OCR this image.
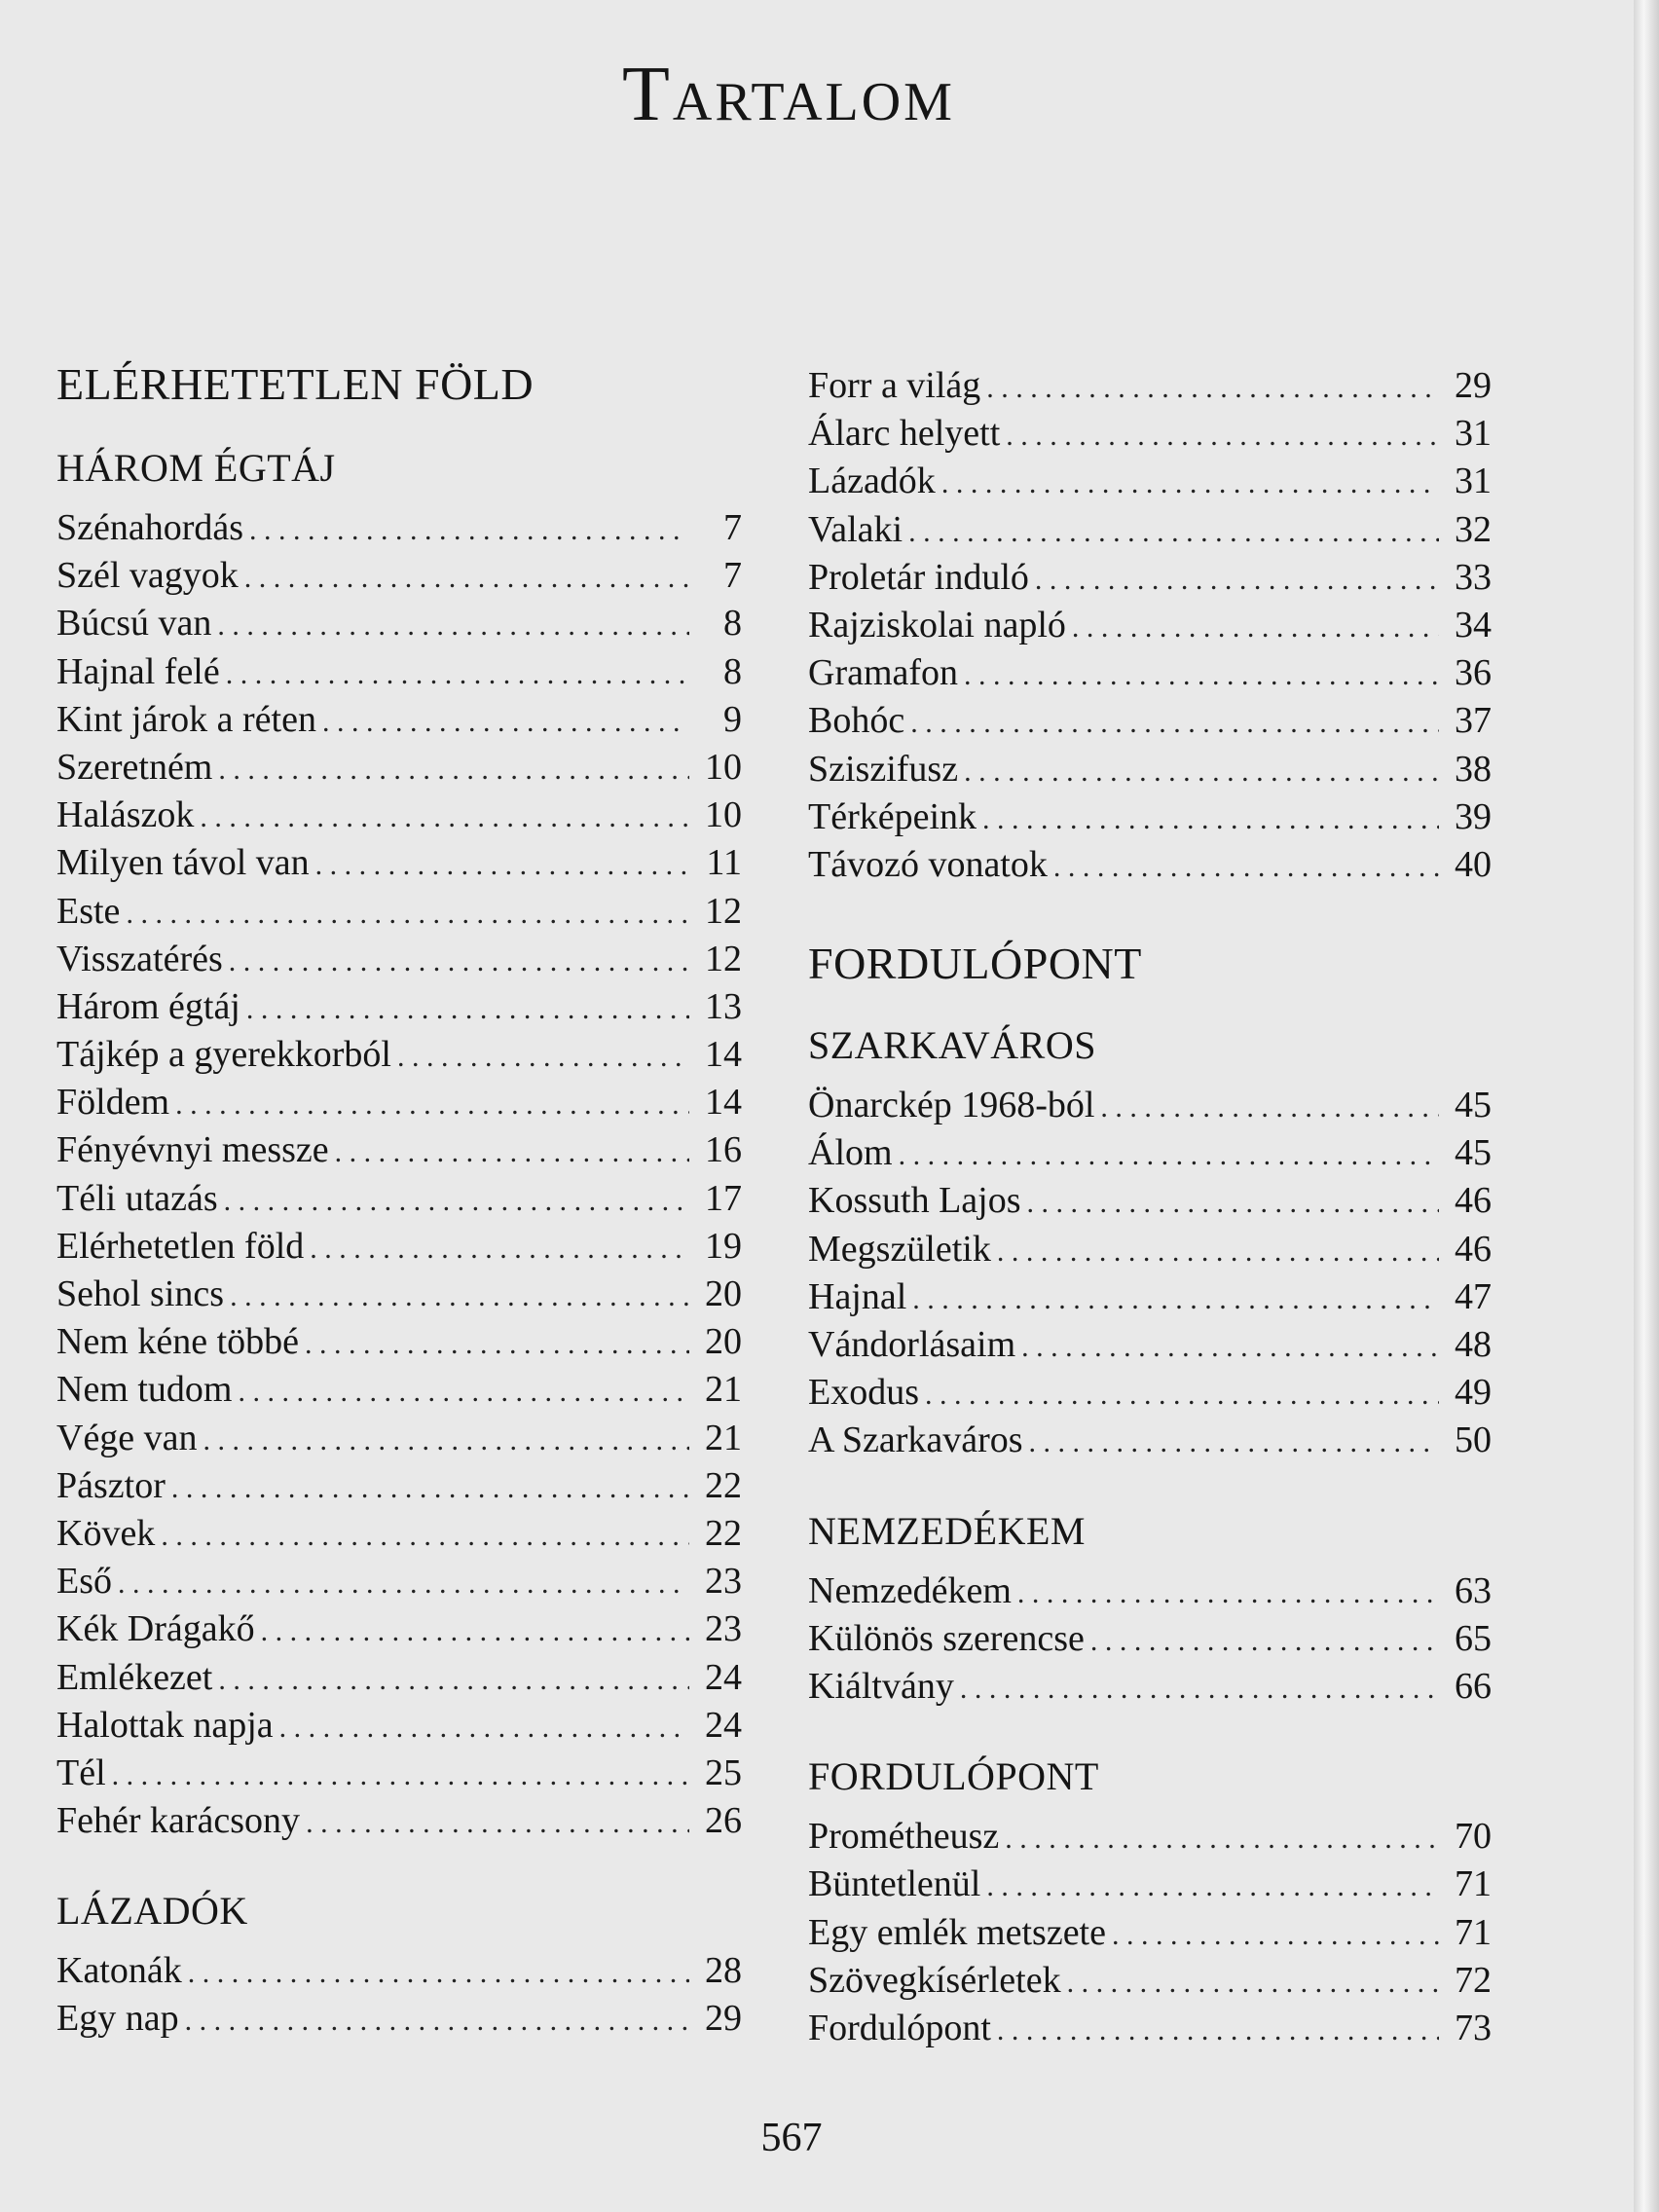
Tartalom
ELÉRHETETLEN FÖLD
HÁROM ÉGTÁJ
Szénahordás . . .	7
Szél vagyok . . .	7
Búcsú van . . .	8
Hajnal felé . . .	8
Kint járok a réten . . .	9
Szeretném . . .	10
Halászok . . .	10
Milyen távol van . . .	11
Este . . .	12
Visszatérés . . .	12
Három égtáj . . .	13
Tájkép a gyerekkorból . . .	14
Földem . . .	14
Fényévnyi messze . . .	16
Téli utazás . . .	17
Elérhetetlen föld . . .	19
Sehol sincs . . .	20
Nem kéne többé . . .	20
Nem tudom . . .	21
Vége van . . .	21
Pásztor . . .	22
Kövek . . .	22
Eső . . .	23
Kék Drágakő . . .	23
Emlékezet . . .	24
Halottak napja . . .	24
Tél . . .	25
Fehér karácsony . . .	26
LÁZADÓK
Katonák . . .	28
Egy nap . . .	29
Forr a világ . . .	29
Álarc helyett . . .	31
Lázadók . . .	31
Valaki . . .	32
Proletár induló . . .	33
Rajziskolai napló . . .	34
Gramafon . . .	36
Bohóc . . .	37
Sziszifusz . . .	38
Térképeink . . .	39
Távozó vonatok . . .	40
FORDULÓPONT
SZARKAVÁROS
Önarckép 1968-ból . . .	45
Álom . . .	45
Kossuth Lajos . . .	46
Megszületik . . .	46
Hajnal . . .	47
Vándorlásaim . . .	48
Exodus . . .	49
A Szarkaváros . . .	50
NEMZEDÉKEM
Nemzedékem . . .	63
Különös szerencse . . .	65
Kiáltvány . . .	66
FORDULÓPONT
Prométheusz . . .	70
Büntetlenül . . .	71
Egy emlék metszete . . .	71
Szövegkísérletek . . .	72
Fordulópont . . .	73
567
